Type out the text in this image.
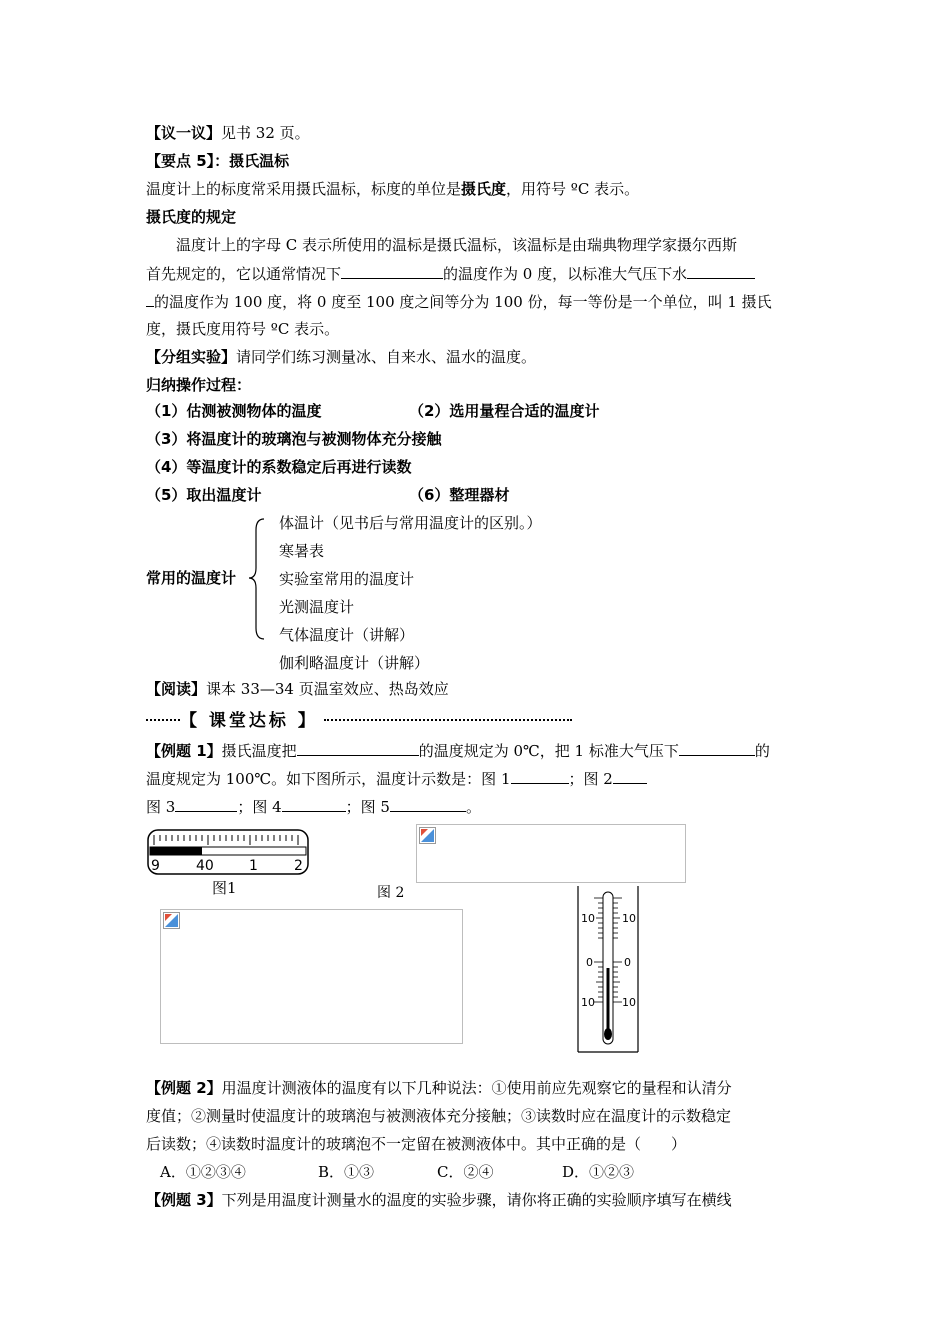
【议一议】见书 32 页。
【要点 5】：摄氏温标
温度计上的标度常采用摄氏温标，标度的单位是摄氏度，用符号 ºC 表示。
摄氏度的规定
温度计上的字母 C 表示所使用的温标是摄氏温标，该温标是由瑞典物理学家摄尔西斯
首先规定的，它以通常情况下	的温度作为 0 度，以标准大气压下水
的温度作为 100 度，将 0 度至 100 度之间等分为 100 份，每一等份是一个单位，叫 1 摄氏
度，摄氏度用符号 ºC 表示。
【分组实验】请同学们练习测量冰、自来水、温水的温度。
归纳操作过程：
（1）估测被测物体的温度	（2）选用量程合适的温度计
（3）将温度计的玻璃泡与被测物体充分接触
（4）等温度计的系数稳定后再进行读数
（5）取出温度计	（6）整理器材
常用的温度计
体温计（见书后与常用温度计的区别。）
寒暑表
实验室常用的温度计
光测温度计
气体温度计（讲解）
伽利略温度计（讲解）
【阅读】课本 33—34 页温室效应、热岛效应
【 课堂达标 】
【例题 1】摄氏温度把	的温度规定为 0℃，把 1 标准大气压下	的
温度规定为 100℃。如下图所示，温度计示数是：图 1	；图 2
图 3	；图 4	；图 5	。
9	40	1	2
图1	图 2
10
0
10
10
0
10
【例题 2】用温度计测液体的温度有以下几种说法：①使用前应先观察它的量程和认清分
度值；②测量时使温度计的玻璃泡与被测液体充分接触；③读数时应在温度计的示数稳定
后读数；④读数时温度计的玻璃泡不一定留在被测液体中。其中正确的是（　　）
A．①②③④	B．①③	C．②④	D．①②③
【例题 3】下列是用温度计测量水的温度的实验步骤，请你将正确的实验顺序填写在横线
